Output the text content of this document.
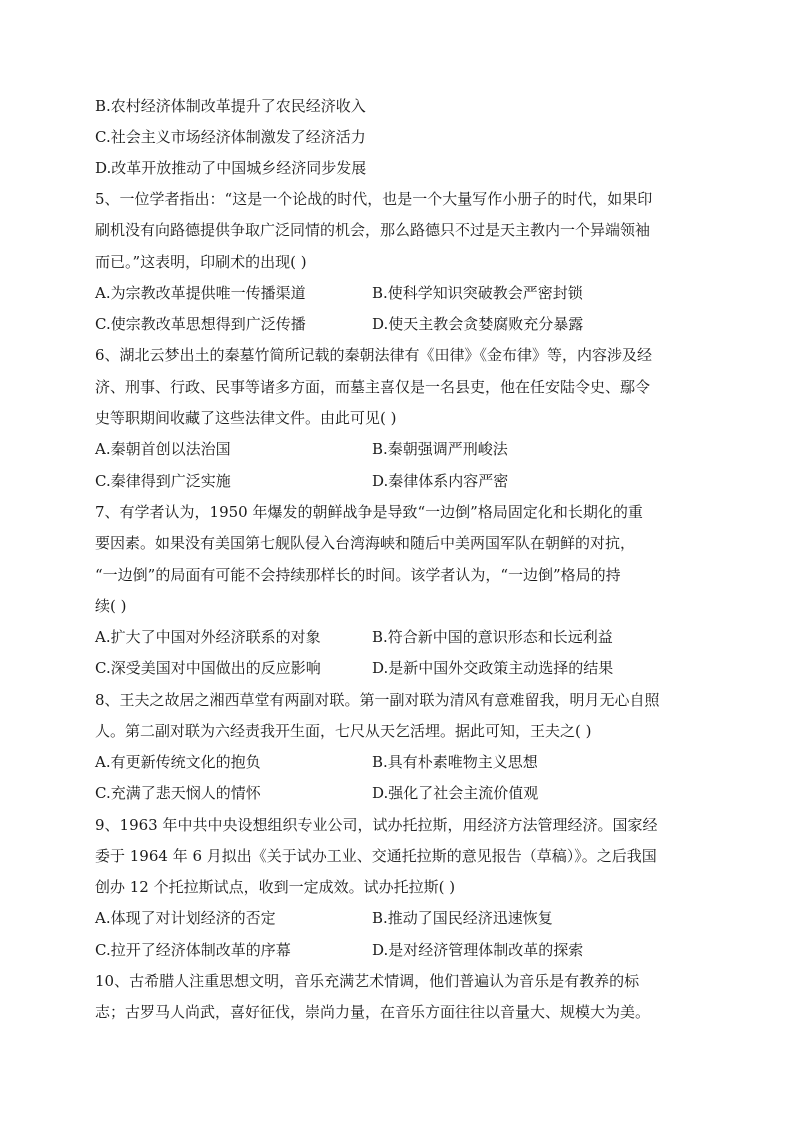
B.农村经济体制改革提升了农民经济收入
C.社会主义市场经济体制激发了经济活力
D.改革开放推动了中国城乡经济同步发展
5、一位学者指出：“这是一个论战的时代，也是一个大量写作小册子的时代，如果印
刷机没有向路德提供争取广泛同情的机会，那么路德只不过是天主教内一个异端领袖
而已。”这表明，印刷术的出现( )
A.为宗教改革提供唯一传播渠道	B.使科学知识突破教会严密封锁
C.使宗教改革思想得到广泛传播	D.使天主教会贪婪腐败充分暴露
6、湖北云梦出土的秦墓竹简所记载的秦朝法律有《田律》《金布律》等，内容涉及经
济、刑事、行政、民事等诸多方面，而墓主喜仅是一名县吏，他在任安陆令史、鄢令
史等职期间收藏了这些法律文件。由此可见( )
A.秦朝首创以法治国	B.秦朝强调严刑峻法
C.秦律得到广泛实施	D.秦律体系内容严密
7、有学者认为，1950 年爆发的朝鲜战争是导致“一边倒”格局固定化和长期化的重
要因素。如果没有美国第七舰队侵入台湾海峡和随后中美两国军队在朝鲜的对抗，
“一边倒”的局面有可能不会持续那样长的时间。该学者认为，“一边倒”格局的持
续( )
A.扩大了中国对外经济联系的对象	B.符合新中国的意识形态和长远利益
C.深受美国对中国做出的反应影响	D.是新中国外交政策主动选择的结果
8、王夫之故居之湘西草堂有两副对联。第一副对联为清风有意难留我，明月无心自照
人。第二副对联为六经责我开生面，七尺从天乞活埋。据此可知，王夫之( )
A.有更新传统文化的抱负	B.具有朴素唯物主义思想
C.充满了悲天悯人的情怀	D.强化了社会主流价值观
9、1963 年中共中央设想组织专业公司，试办托拉斯，用经济方法管理经济。国家经
委于 1964 年 6 月拟出《关于试办工业、交通托拉斯的意见报告（草稿）》。之后我国
创办 12 个托拉斯试点，收到一定成效。试办托拉斯( )
A.体现了对计划经济的否定	B.推动了国民经济迅速恢复
C.拉开了经济体制改革的序幕	D.是对经济管理体制改革的探索
10、古希腊人注重思想文明，音乐充满艺术情调，他们普遍认为音乐是有教养的标
志；古罗马人尚武，喜好征伐，崇尚力量，在音乐方面往往以音量大、规模大为美。
